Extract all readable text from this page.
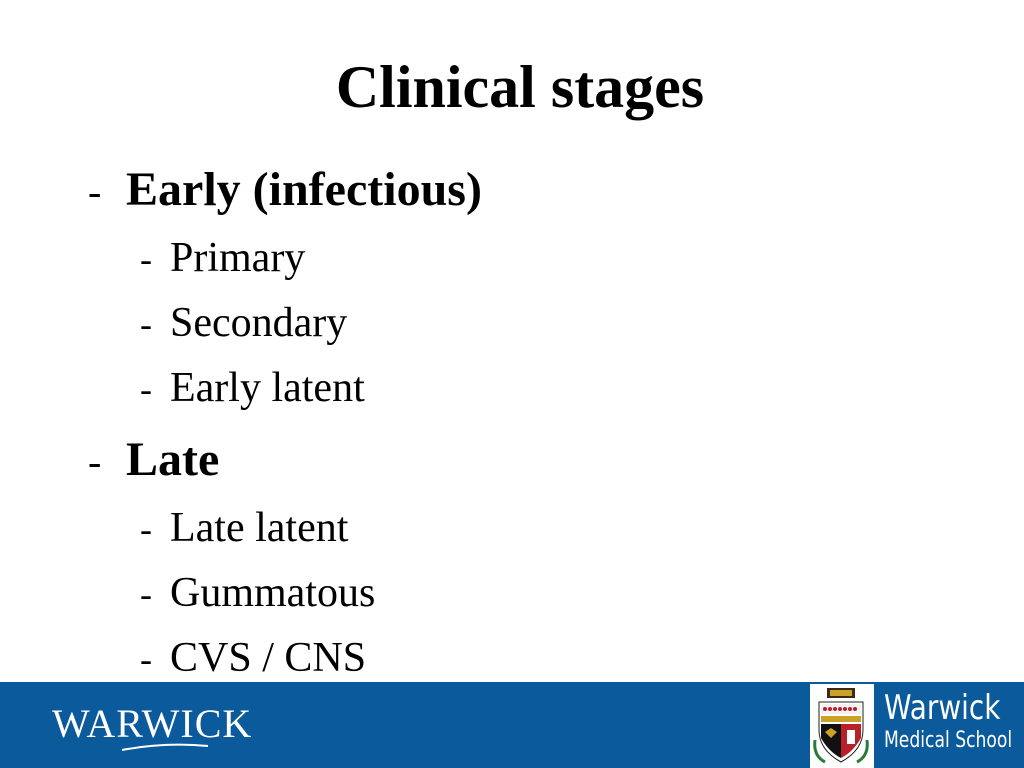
Clinical stages
- Early (infectious)
- Primary
- Secondary
- Early latent
- Late
- Late latent
- Gummatous
- CVS / CNS
WARWICK	Warwick
Medical School
